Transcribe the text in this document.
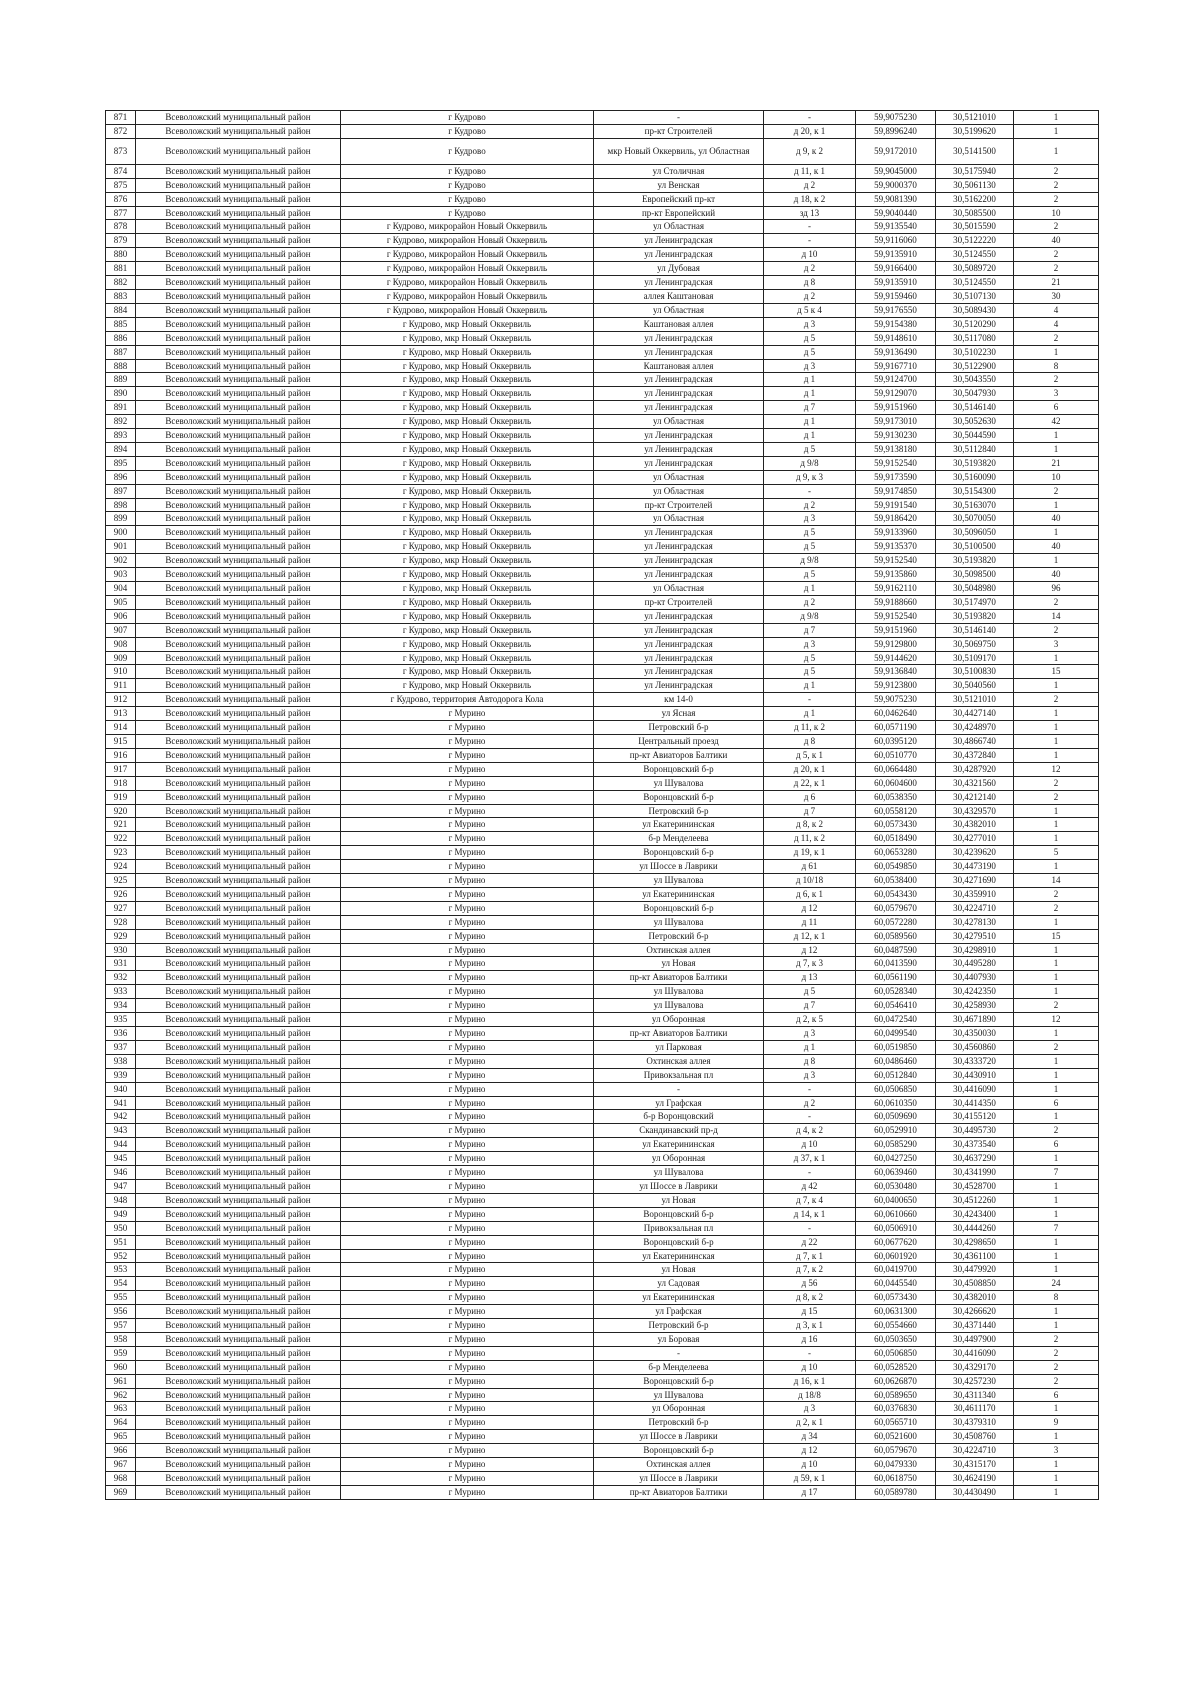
871	Всеволожский муниципальный район	г Кудрово	-	-	59,9075230	30,5121010	1
872	Всеволожский муниципальный район	г Кудрово	пр-кт Строителей	д 20, к 1	59,8996240	30,5199620	1
873	Всеволожский муниципальный район	г Кудрово	мкр Новый Оккервиль, ул Областная	д 9, к 2	59,9172010	30,5141500	1
874	Всеволожский муниципальный район	г Кудрово	ул Столичная	д 11, к 1	59,9045000	30,5175940	2
875	Всеволожский муниципальный район	г Кудрово	ул Венская	д 2	59,9000370	30,5061130	2
876	Всеволожский муниципальный район	г Кудрово	Европейский пр-кт	д 18, к 2	59,9081390	30,5162200	2
877	Всеволожский муниципальный район	г Кудрово	пр-кт Европейский	зд 13	59,9040440	30,5085500	10
878	Всеволожский муниципальный район	г Кудрово, микрорайон Новый Оккервиль	ул Областная	-	59,9135540	30,5015590	2
879	Всеволожский муниципальный район	г Кудрово, микрорайон Новый Оккервиль	ул Ленинградская	-	59,9116060	30,5122220	40
880	Всеволожский муниципальный район	г Кудрово, микрорайон Новый Оккервиль	ул Ленинградская	д 10	59,9135910	30,5124550	2
881	Всеволожский муниципальный район	г Кудрово, микрорайон Новый Оккервиль	ул Дубовая	д 2	59,9166400	30,5089720	2
882	Всеволожский муниципальный район	г Кудрово, микрорайон Новый Оккервиль	ул Ленинградская	д 8	59,9135910	30,5124550	21
883	Всеволожский муниципальный район	г Кудрово, микрорайон Новый Оккервиль	аллея Каштановая	д 2	59,9159460	30,5107130	30
884	Всеволожский муниципальный район	г Кудрово, микрорайон Новый Оккервиль	ул Областная	д 5 к 4	59,9176550	30,5089430	4
885	Всеволожский муниципальный район	г Кудрово, мкр Новый Оккервиль	Каштановая аллея	д 3	59,9154380	30,5120290	4
886	Всеволожский муниципальный район	г Кудрово, мкр Новый Оккервиль	ул Ленинградская	д 5	59,9148610	30,5117080	2
887	Всеволожский муниципальный район	г Кудрово, мкр Новый Оккервиль	ул Ленинградская	д 5	59,9136490	30,5102230	1
888	Всеволожский муниципальный район	г Кудрово, мкр Новый Оккервиль	Каштановая аллея	д 3	59,9167710	30,5122900	8
889	Всеволожский муниципальный район	г Кудрово, мкр Новый Оккервиль	ул Ленинградская	д 1	59,9124700	30,5043550	2
890	Всеволожский муниципальный район	г Кудрово, мкр Новый Оккервиль	ул Ленинградская	д 1	59,9129070	30,5047930	3
891	Всеволожский муниципальный район	г Кудрово, мкр Новый Оккервиль	ул Ленинградская	д 7	59,9151960	30,5146140	6
892	Всеволожский муниципальный район	г Кудрово, мкр Новый Оккервиль	ул Областная	д 1	59,9173010	30,5052630	42
893	Всеволожский муниципальный район	г Кудрово, мкр Новый Оккервиль	ул Ленинградская	д 1	59,9130230	30,5044590	1
894	Всеволожский муниципальный район	г Кудрово, мкр Новый Оккервиль	ул Ленинградская	д 5	59,9138180	30,5112840	1
895	Всеволожский муниципальный район	г Кудрово, мкр Новый Оккервиль	ул Ленинградская	д 9/8	59,9152540	30,5193820	21
896	Всеволожский муниципальный район	г Кудрово, мкр Новый Оккервиль	ул Областная	д 9, к 3	59,9173590	30,5160090	10
897	Всеволожский муниципальный район	г Кудрово, мкр Новый Оккервиль	ул Областная	-	59,9174850	30,5154300	2
898	Всеволожский муниципальный район	г Кудрово, мкр Новый Оккервиль	пр-кт Строителей	д 2	59,9191540	30,5163070	1
899	Всеволожский муниципальный район	г Кудрово, мкр Новый Оккервиль	ул Областная	д 3	59,9186420	30,5070050	40
900	Всеволожский муниципальный район	г Кудрово, мкр Новый Оккервиль	ул Ленинградская	д 5	59,9133960	30,5096050	1
901	Всеволожский муниципальный район	г Кудрово, мкр Новый Оккервиль	ул Ленинградская	д 5	59,9135370	30,5100500	40
902	Всеволожский муниципальный район	г Кудрово, мкр Новый Оккервиль	ул Ленинградская	д 9/8	59,9152540	30,5193820	1
903	Всеволожский муниципальный район	г Кудрово, мкр Новый Оккервиль	ул Ленинградская	д 5	59,9135860	30,5098500	40
904	Всеволожский муниципальный район	г Кудрово, мкр Новый Оккервиль	ул Областная	д 1	59,9162110	30,5048980	96
905	Всеволожский муниципальный район	г Кудрово, мкр Новый Оккервиль	пр-кт Строителей	д 2	59,9188660	30,5174970	2
906	Всеволожский муниципальный район	г Кудрово, мкр Новый Оккервиль	ул Ленинградская	д 9/8	59,9152540	30,5193820	14
907	Всеволожский муниципальный район	г Кудрово, мкр Новый Оккервиль	ул Ленинградская	д 7	59,9151960	30,5146140	2
908	Всеволожский муниципальный район	г Кудрово, мкр Новый Оккервиль	ул Ленинградская	д 3	59,9129800	30,5069750	3
909	Всеволожский муниципальный район	г Кудрово, мкр Новый Оккервиль	ул Ленинградская	д 5	59,9144620	30,5109170	1
910	Всеволожский муниципальный район	г Кудрово, мкр Новый Оккервиль	ул Ленинградская	д 5	59,9136840	30,5100830	15
911	Всеволожский муниципальный район	г Кудрово, мкр Новый Оккервиль	ул Ленинградская	д 1	59,9123800	30,5040560	1
912	Всеволожский муниципальный район	г Кудрово, территория Автодорога Кола	км 14-0	-	59,9075230	30,5121010	2
913	Всеволожский муниципальный район	г Мурино	ул Ясная	д 1	60,0462640	30,4427140	1
914	Всеволожский муниципальный район	г Мурино	Петровский б-р	д 11, к 2	60,0571190	30,4248970	1
915	Всеволожский муниципальный район	г Мурино	Центральный проезд	д 8	60,0395120	30,4866740	1
916	Всеволожский муниципальный район	г Мурино	пр-кт Авиаторов Балтики	д 5, к 1	60,0510770	30,4372840	1
917	Всеволожский муниципальный район	г Мурино	Воронцовский б-р	д 20, к 1	60,0664480	30,4287920	12
918	Всеволожский муниципальный район	г Мурино	ул Шувалова	д 22, к 1	60,0604600	30,4321560	2
919	Всеволожский муниципальный район	г Мурино	Воронцовский б-р	д 6	60,0538350	30,4212140	2
920	Всеволожский муниципальный район	г Мурино	Петровский б-р	д 7	60,0558120	30,4329570	1
921	Всеволожский муниципальный район	г Мурино	ул Екатерининская	д 8, к 2	60,0573430	30,4382010	1
922	Всеволожский муниципальный район	г Мурино	б-р Менделеева	д 11, к 2	60,0518490	30,4277010	1
923	Всеволожский муниципальный район	г Мурино	Воронцовский б-р	д 19, к 1	60,0653280	30,4239620	5
924	Всеволожский муниципальный район	г Мурино	ул Шоссе в Лаврики	д 61	60,0549850	30,4473190	1
925	Всеволожский муниципальный район	г Мурино	ул Шувалова	д 10/18	60,0538400	30,4271690	14
926	Всеволожский муниципальный район	г Мурино	ул Екатерининская	д 6, к 1	60,0543430	30,4359910	2
927	Всеволожский муниципальный район	г Мурино	Воронцовский б-р	д 12	60,0579670	30,4224710	2
928	Всеволожский муниципальный район	г Мурино	ул Шувалова	д 11	60,0572280	30,4278130	1
929	Всеволожский муниципальный район	г Мурино	Петровский б-р	д 12, к 1	60,0589560	30,4279510	15
930	Всеволожский муниципальный район	г Мурино	Охтинская аллея	д 12	60,0487590	30,4298910	1
931	Всеволожский муниципальный район	г Мурино	ул Новая	д 7, к 3	60,0413590	30,4495280	1
932	Всеволожский муниципальный район	г Мурино	пр-кт Авиаторов Балтики	д 13	60,0561190	30,4407930	1
933	Всеволожский муниципальный район	г Мурино	ул Шувалова	д 5	60,0528340	30,4242350	1
934	Всеволожский муниципальный район	г Мурино	ул Шувалова	д 7	60,0546410	30,4258930	2
935	Всеволожский муниципальный район	г Мурино	ул Оборонная	д 2, к 5	60,0472540	30,4671890	12
936	Всеволожский муниципальный район	г Мурино	пр-кт Авиаторов Балтики	д 3	60,0499540	30,4350030	1
937	Всеволожский муниципальный район	г Мурино	ул Парковая	д 1	60,0519850	30,4560860	2
938	Всеволожский муниципальный район	г Мурино	Охтинская аллея	д 8	60,0486460	30,4333720	1
939	Всеволожский муниципальный район	г Мурино	Привокзальная пл	д 3	60,0512840	30,4430910	1
940	Всеволожский муниципальный район	г Мурино	-	-	60,0506850	30,4416090	1
941	Всеволожский муниципальный район	г Мурино	ул Графская	д 2	60,0610350	30,4414350	6
942	Всеволожский муниципальный район	г Мурино	б-р Воронцовский	-	60,0509690	30,4155120	1
943	Всеволожский муниципальный район	г Мурино	Скандинавский пр-д	д 4, к 2	60,0529910	30,4495730	2
944	Всеволожский муниципальный район	г Мурино	ул Екатерининская	д 10	60,0585290	30,4373540	6
945	Всеволожский муниципальный район	г Мурино	ул Оборонная	д 37, к 1	60,0427250	30,4637290	1
946	Всеволожский муниципальный район	г Мурино	ул Шувалова	-	60,0639460	30,4341990	7
947	Всеволожский муниципальный район	г Мурино	ул Шоссе в Лаврики	д 42	60,0530480	30,4528700	1
948	Всеволожский муниципальный район	г Мурино	ул Новая	д 7, к 4	60,0400650	30,4512260	1
949	Всеволожский муниципальный район	г Мурино	Воронцовский б-р	д 14, к 1	60,0610660	30,4243400	1
950	Всеволожский муниципальный район	г Мурино	Привокзальная пл	-	60,0506910	30,4444260	7
951	Всеволожский муниципальный район	г Мурино	Воронцовский б-р	д 22	60,0677620	30,4298650	1
952	Всеволожский муниципальный район	г Мурино	ул Екатерининская	д 7, к 1	60,0601920	30,4361100	1
953	Всеволожский муниципальный район	г Мурино	ул Новая	д 7, к 2	60,0419700	30,4479920	1
954	Всеволожский муниципальный район	г Мурино	ул Садовая	д 56	60,0445540	30,4508850	24
955	Всеволожский муниципальный район	г Мурино	ул Екатерининская	д 8, к 2	60,0573430	30,4382010	8
956	Всеволожский муниципальный район	г Мурино	ул Графская	д 15	60,0631300	30,4266620	1
957	Всеволожский муниципальный район	г Мурино	Петровский б-р	д 3, к 1	60,0554660	30,4371440	1
958	Всеволожский муниципальный район	г Мурино	ул Боровая	д 16	60,0503650	30,4497900	2
959	Всеволожский муниципальный район	г Мурино	-	-	60,0506850	30,4416090	2
960	Всеволожский муниципальный район	г Мурино	б-р Менделеева	д 10	60,0528520	30,4329170	2
961	Всеволожский муниципальный район	г Мурино	Воронцовский б-р	д 16, к 1	60,0626870	30,4257230	2
962	Всеволожский муниципальный район	г Мурино	ул Шувалова	д 18/8	60,0589650	30,4311340	6
963	Всеволожский муниципальный район	г Мурино	ул Оборонная	д 3	60,0376830	30,4611170	1
964	Всеволожский муниципальный район	г Мурино	Петровский б-р	д 2, к 1	60,0565710	30,4379310	9
965	Всеволожский муниципальный район	г Мурино	ул Шоссе в Лаврики	д 34	60,0521600	30,4508760	1
966	Всеволожский муниципальный район	г Мурино	Воронцовский б-р	д 12	60,0579670	30,4224710	3
967	Всеволожский муниципальный район	г Мурино	Охтинская аллея	д 10	60,0479330	30,4315170	1
968	Всеволожский муниципальный район	г Мурино	ул Шоссе в Лаврики	д 59, к 1	60,0618750	30,4624190	1
969	Всеволожский муниципальный район	г Мурино	пр-кт Авиаторов Балтики	д 17	60,0589780	30,4430490	1
